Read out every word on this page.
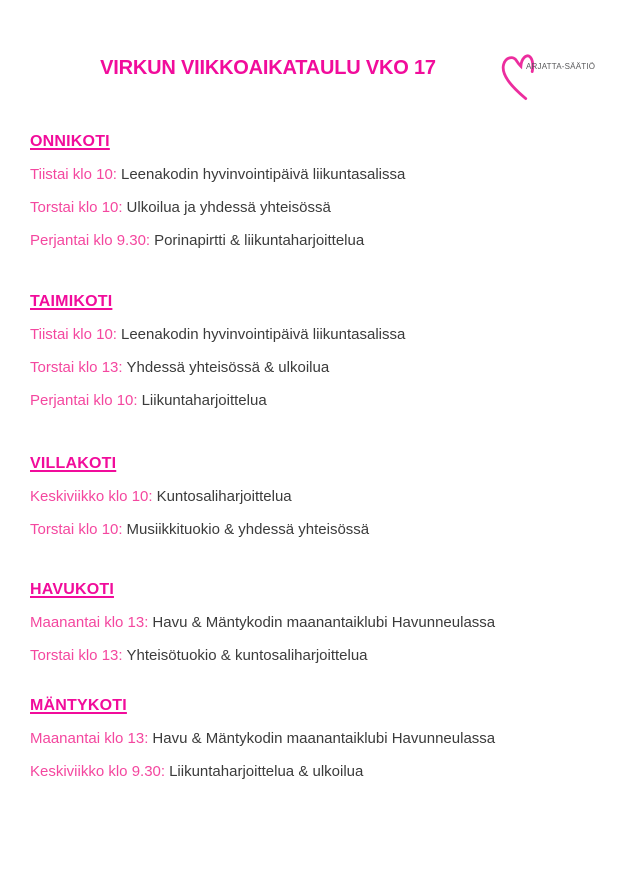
VIRKUN VIIKKOAIKATAULU VKO 17	ARJATTA-SÄÄTIÖ
ONNIKOTI

Tiistai klo 10: Leenakodin hyvinvointipäivä liikuntasalissa

Torstai klo 10: Ulkoilua ja yhdessä yhteisössä

Perjantai klo 9.30: Porinapirtti & liikuntaharjoittelua

TAIMIKOTI

Tiistai klo 10: Leenakodin hyvinvointipäivä liikuntasalissa

Torstai klo 13: Yhdessä yhteisössä & ulkoilua

Perjantai klo 10: Liikuntaharjoittelua

VILLAKOTI

Keskiviikko klo 10: Kuntosaliharjoittelua

Torstai klo 10: Musiikkituokio & yhdessä yhteisössä

HAVUKOTI

Maanantai klo 13: Havu & Mäntykodin maanantaiklubi Havunneulassa

Torstai klo 13: Yhteisötuokio & kuntosaliharjoittelua

MÄNTYKOTI

Maanantai klo 13: Havu & Mäntykodin maanantaiklubi Havunneulassa

Keskiviikko klo 9.30: Liikuntaharjoittelua & ulkoilua
